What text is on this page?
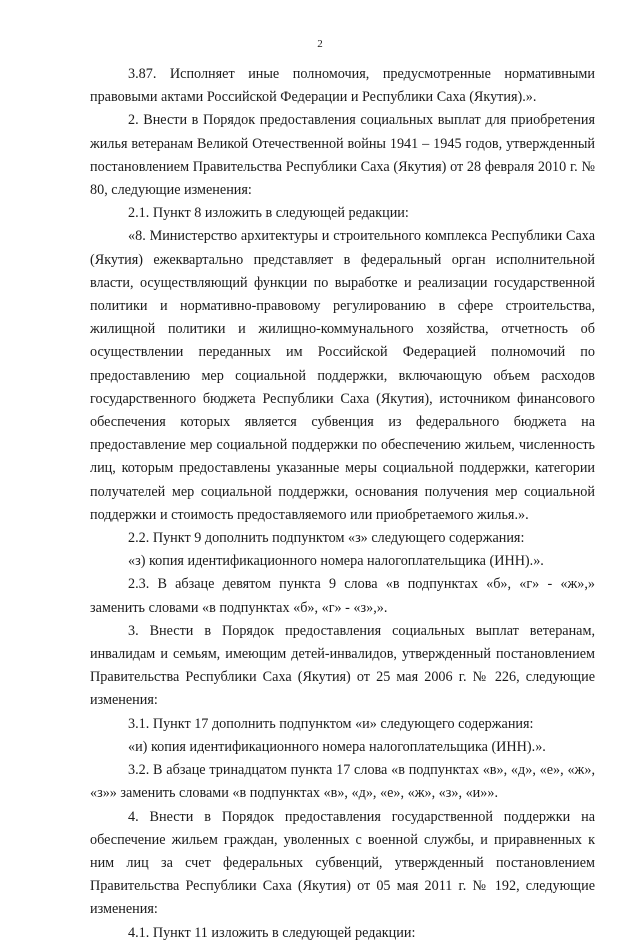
2

3.87. Исполняет иные полномочия, предусмотренные нормативными правовыми актами Российской Федерации и Республики Саха (Якутия).».

2. Внести в Порядок предоставления социальных выплат для приобретения жилья ветеранам Великой Отечественной войны 1941 – 1945 годов, утвержденный постановлением Правительства Республики Саха (Якутия) от 28 февраля 2010 г. № 80, следующие изменения:

2.1. Пункт 8 изложить в следующей редакции:

«8. Министерство архитектуры и строительного комплекса Республики Саха (Якутия) ежеквартально представляет в федеральный орган исполнительной власти, осуществляющий функции по выработке и реализации государственной политики и нормативно-правовому регулированию в сфере строительства, жилищной политики и жилищно-коммунального хозяйства, отчетность об осуществлении переданных им Российской Федерацией полномочий по предоставлению мер социальной поддержки, включающую объем расходов государственного бюджета Республики Саха (Якутия), источником финансового обеспечения которых является субвенция из федерального бюджета на предоставление мер социальной поддержки по обеспечению жильем, численность лиц, которым предоставлены указанные меры социальной поддержки, категории получателей мер социальной поддержки, основания получения мер социальной поддержки и стоимость предоставляемого или приобретаемого жилья.».

2.2. Пункт 9 дополнить подпунктом «з» следующего содержания:

«з) копия идентификационного номера налогоплательщика (ИНН).».

2.3. В абзаце девятом пункта 9 слова «в подпунктах «б», «г» - «ж»,» заменить словами «в подпунктах «б», «г» - «з»,».

3. Внести в Порядок предоставления социальных выплат ветеранам, инвалидам и семьям, имеющим детей-инвалидов, утвержденный постановлением Правительства Республики Саха (Якутия) от 25 мая 2006 г. № 226, следующие изменения:

3.1. Пункт 17 дополнить подпунктом «и» следующего содержания:

«и) копия идентификационного номера налогоплательщика (ИНН).».

3.2. В абзаце тринадцатом пункта 17 слова «в подпунктах «в», «д», «е», «ж», «з»» заменить словами «в подпунктах «в», «д», «е», «ж», «з», «и»».

4. Внести в Порядок предоставления государственной поддержки на обеспечение жильем граждан, уволенных с военной службы, и приравненных к ним лиц за счет федеральных субвенций, утвержденный постановлением Правительства Республики Саха (Якутия) от 05 мая 2011 г. № 192, следующие изменения:

4.1. Пункт 11 изложить в следующей редакции:
